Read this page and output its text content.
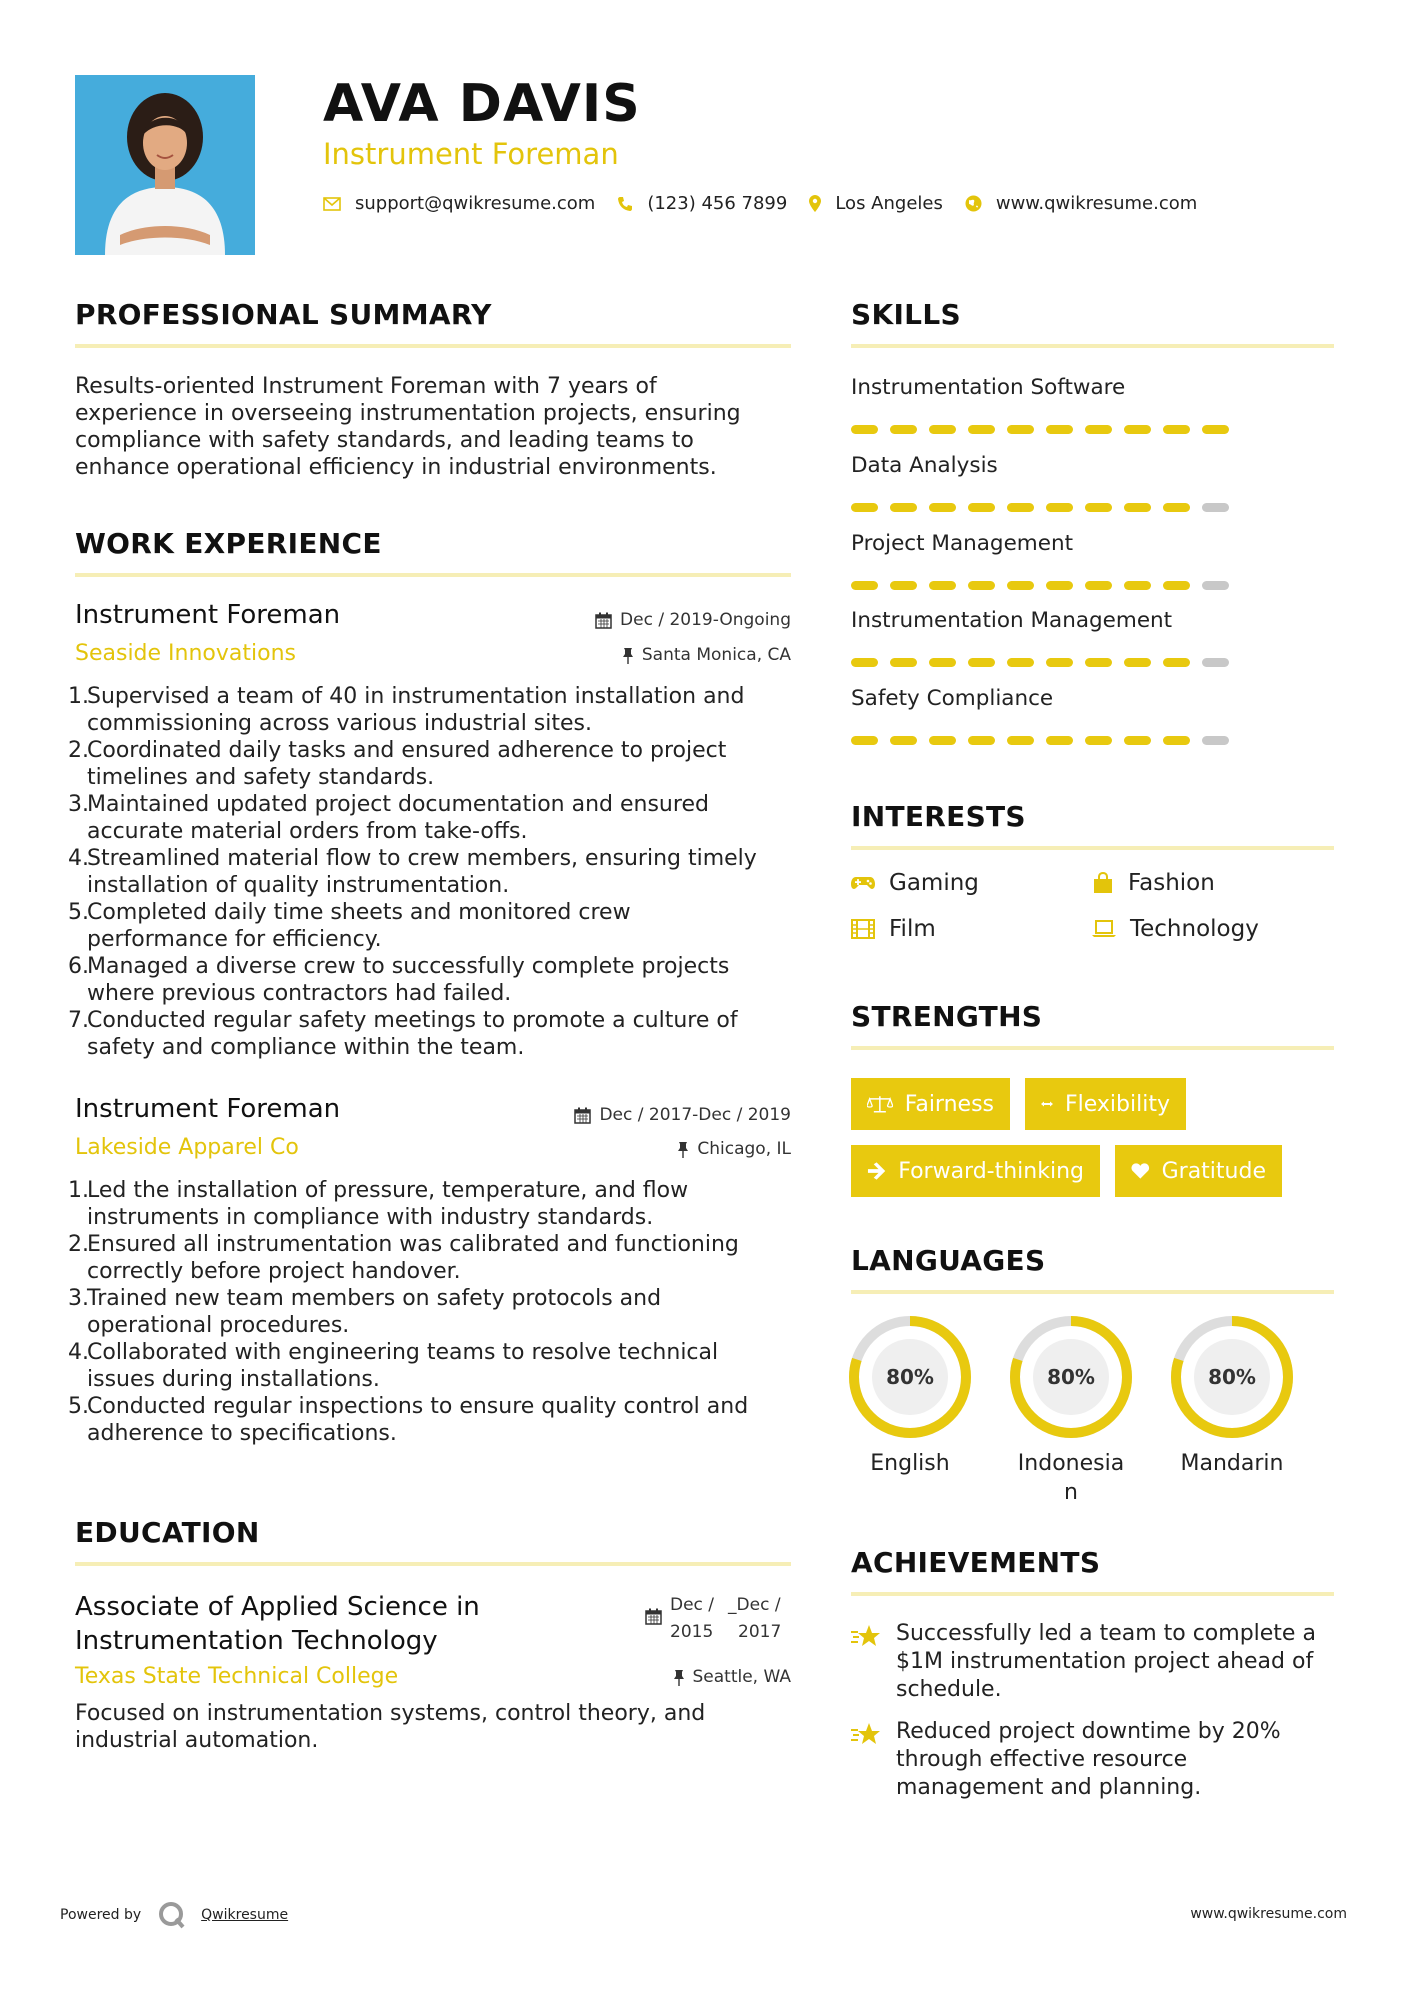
AVA DAVIS
Instrument Foreman
support@qwikresume.com	(123) 456 7899	Los Angeles	www.qwikresume.com
PROFESSIONAL SUMMARY
Results-oriented Instrument Foreman with 7 years of
experience in overseeing instrumentation projects, ensuring
compliance with safety standards, and leading teams to
enhance operational efficiency in industrial environments.
WORK EXPERIENCE
Instrument Foreman	Dec / 2019-Ongoing
Seaside Innovations	Santa Monica, CA
1.
Supervised a team of 40 in instrumentation installation and
commissioning across various industrial sites.
2.
Coordinated daily tasks and ensured adherence to project
timelines and safety standards.
3.
Maintained updated project documentation and ensured
accurate material orders from take-offs.
4.
Streamlined material flow to crew members, ensuring timely
installation of quality instrumentation.
5.
Completed daily time sheets and monitored crew
performance for efficiency.
6.
Managed a diverse crew to successfully complete projects
where previous contractors had failed.
7.
Conducted regular safety meetings to promote a culture of
safety and compliance within the team.
Instrument Foreman	Dec / 2017-Dec / 2019
Lakeside Apparel Co	Chicago, IL
1.
Led the installation of pressure, temperature, and flow
instruments in compliance with industry standards.
2.
Ensured all instrumentation was calibrated and functioning
correctly before project handover.
3.
Trained new team members on safety protocols and
operational procedures.
4.
Collaborated with engineering teams to resolve technical
issues during installations.
5.
Conducted regular inspections to ensure quality control and
adherence to specifications.
EDUCATION
Associate of Applied Science in
Instrumentation Technology
Dec /
2015
_Dec /
2017
Texas State Technical College	Seattle, WA
Focused on instrumentation systems, control theory, and
industrial automation.
SKILLS
Instrumentation Software
Data Analysis
Project Management
Instrumentation Management
Safety Compliance
INTERESTS
Gaming	Fashion
Film	Technology
STRENGTHS
Fairness	Flexibility
Forward-thinking	Gratitude
LANGUAGES
80%
English
80%
Indonesia
n
80%
Mandarin
ACHIEVEMENTS
Successfully led a team to complete a
$1M instrumentation project ahead of
schedule.
Reduced project downtime by 20%
through effective resource
management and planning.
Powered by	Qwikresume	www.qwikresume.com
